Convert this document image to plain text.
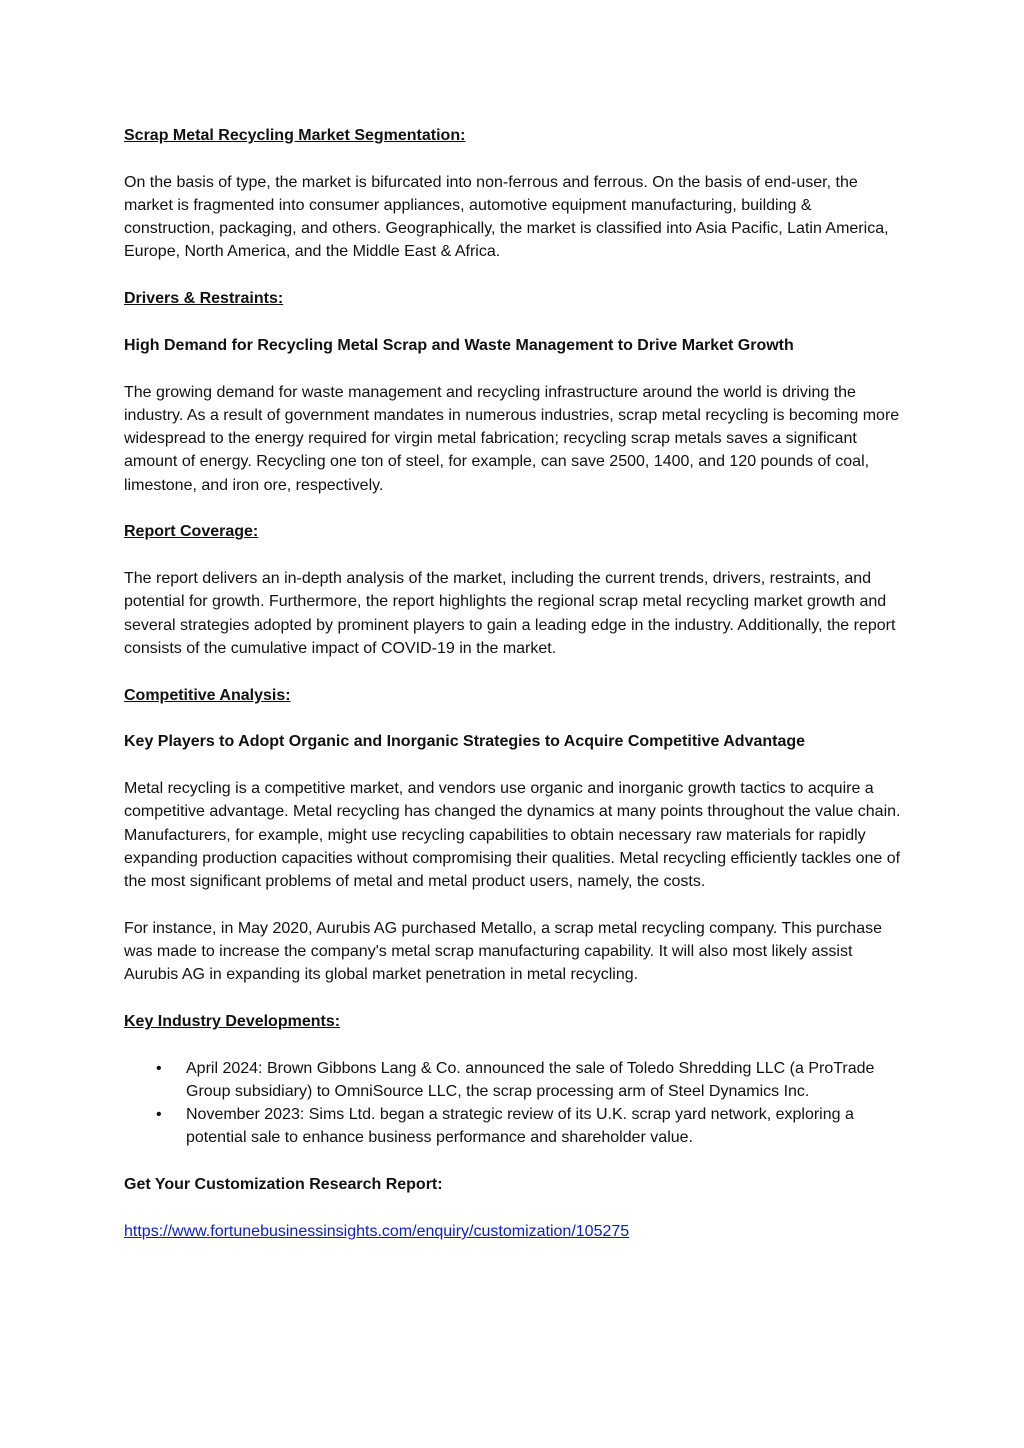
Scrap Metal Recycling Market Segmentation:

On the basis of type, the market is bifurcated into non-ferrous and ferrous. On the basis of end-user, the market is fragmented into consumer appliances, automotive equipment manufacturing, building & construction, packaging, and others. Geographically, the market is classified into Asia Pacific, Latin America, Europe, North America, and the Middle East & Africa.

Drivers & Restraints:

High Demand for Recycling Metal Scrap and Waste Management to Drive Market Growth

The growing demand for waste management and recycling infrastructure around the world is driving the industry. As a result of government mandates in numerous industries, scrap metal recycling is becoming more widespread to the energy required for virgin metal fabrication; recycling scrap metals saves a significant amount of energy. Recycling one ton of steel, for example, can save 2500, 1400, and 120 pounds of coal, limestone, and iron ore, respectively.

Report Coverage:

The report delivers an in-depth analysis of the market, including the current trends, drivers, restraints, and potential for growth. Furthermore, the report highlights the regional scrap metal recycling market growth and several strategies adopted by prominent players to gain a leading edge in the industry. Additionally, the report consists of the cumulative impact of COVID-19 in the market.

Competitive Analysis:

Key Players to Adopt Organic and Inorganic Strategies to Acquire Competitive Advantage

Metal recycling is a competitive market, and vendors use organic and inorganic growth tactics to acquire a competitive advantage. Metal recycling has changed the dynamics at many points throughout the value chain. Manufacturers, for example, might use recycling capabilities to obtain necessary raw materials for rapidly expanding production capacities without compromising their qualities. Metal recycling efficiently tackles one of the most significant problems of metal and metal product users, namely, the costs.

For instance, in May 2020, Aurubis AG purchased Metallo, a scrap metal recycling company. This purchase was made to increase the company's metal scrap manufacturing capability. It will also most likely assist Aurubis AG in expanding its global market penetration in metal recycling.

Key Industry Developments:

• April 2024: Brown Gibbons Lang & Co. announced the sale of Toledo Shredding LLC (a ProTrade Group subsidiary) to OmniSource LLC, the scrap processing arm of Steel Dynamics Inc.
• November 2023: Sims Ltd. began a strategic review of its U.K. scrap yard network, exploring a potential sale to enhance business performance and shareholder value.

Get Your Customization Research Report:

https://www.fortunebusinessinsights.com/enquiry/customization/105275
